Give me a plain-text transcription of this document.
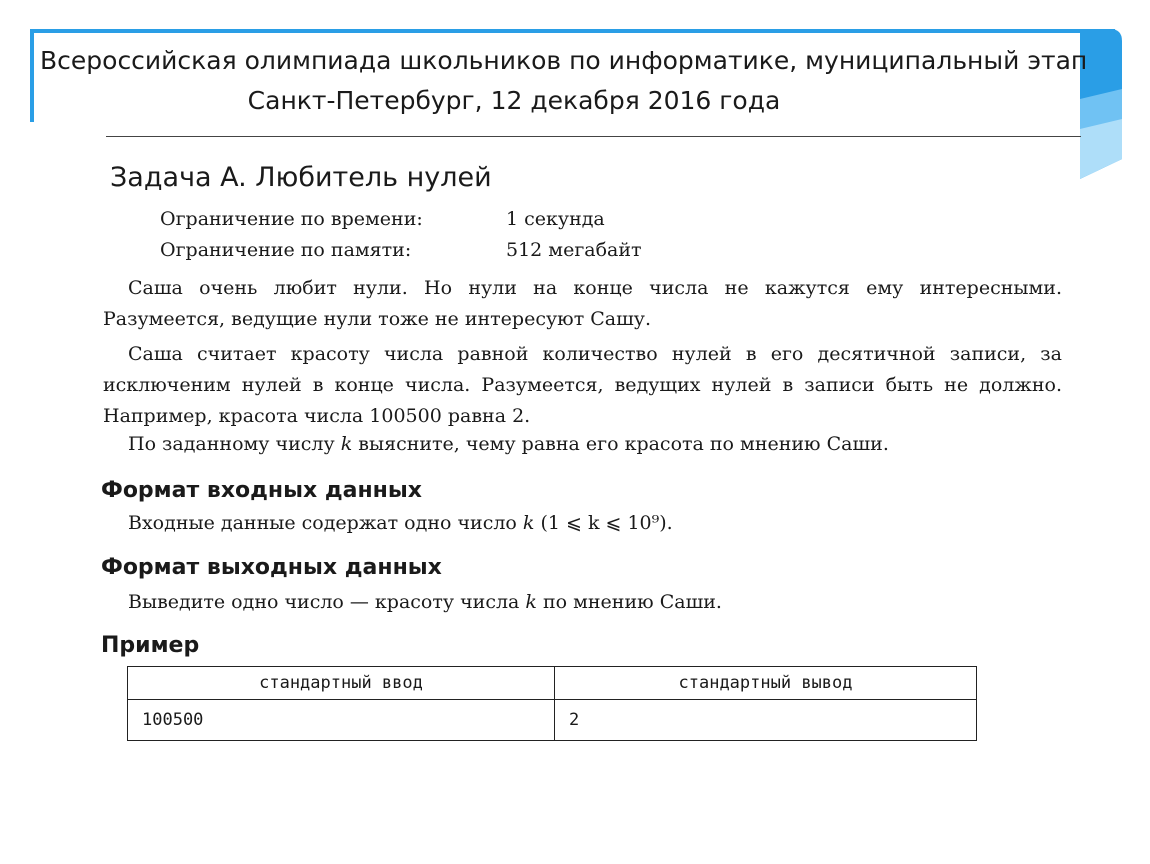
Всероссийская олимпиада школьников по информатике, муниципальный этап
Санкт-Петербург, 12 декабря 2016 года
Задача A. Любитель нулей
Ограничение по времени:	1 секунда
Ограничение по памяти:	512 мегабайт
Саша очень любит нули. Но нули на конце числа не кажутся ему интересными. Разумеется, ведущие нули тоже не интересуют Сашу.
Саша считает красоту числа равной количество нулей в его десятичной записи, за исключеним нулей в конце числа. Разумеется, ведущих нулей в записи быть не должно. Например, красота числа 100500 равна 2.
По заданному числу k выясните, чему равна его красота по мнению Саши.
Формат входных данных
Входные данные содержат одно число k (1 ⩽ k ⩽ 10⁹).
Формат выходных данных
Выведите одно число — красоту числа k по мнению Саши.
Пример
стандартный ввод	стандартный вывод
100500	2
